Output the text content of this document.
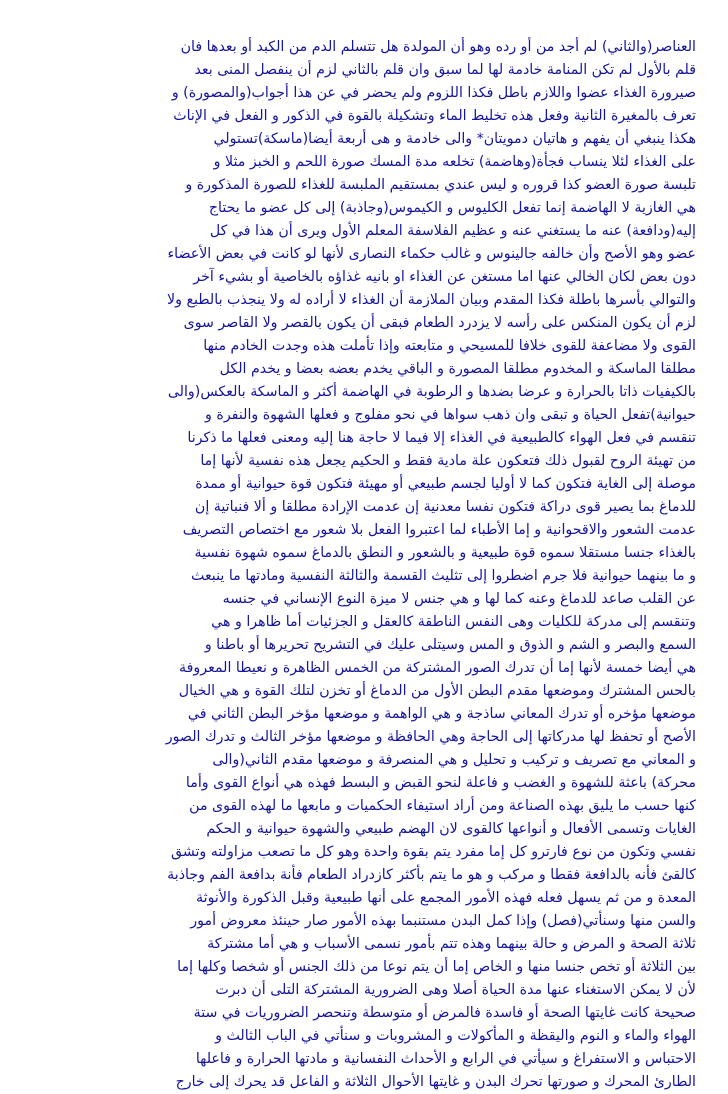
العناصر(والثاني) لم أجد من أو رده وهو أن المولدة هل تتسلم الدم من الكبد أو بعدها فان
قلم بالأول لم تكن المنامة خادمة لها لما سبق وان قلم بالثاني لزم أن ينفصل المنى بعد
صيرورة الغذاء عضوا واللازم باطل فكذا اللزوم ولم يحضر في عن هذا أجواب(والمصورة) و
تعرف بالمغيرة الثانية وفعل هذه تخليط الماء وتشكيلة بالقوة في الذكور و الفعل في الإناث
هكذا ينبغي أن يفهم و هاتيان دمويتان* والى خادمة و هى أربعة أيضا(ماسكة)تستولي
على الغذاء لئلا ينساب فجأة(وهاضمة) تخلعه مدة المسك صورة اللحم و الخبز مثلا و
تلبسة صورة العضو كذا قروره و ليس عندي بمستقيم الملبسة للغذاء للصورة المذكورة و
هي الغازية لا الهاضمة إنما تفعل الكليوس و الكيموس(وجاذبة) إلى كل عضو ما يحتاج
إليه(ودافعة) عنه ما يستغني عنه و عظيم الفلاسفة المعلم الأول ويرى أن هذا في كل
عضو وهو الأصح وأن خالفه جالينوس و غالب حكماء النصارى لأنها لو كانت في بعض الأعضاء
دون بعض لكان الخالي عنها اما مستغن عن الغذاء او بانيه غذاؤه بالخاصية أو بشيء آخر
والتوالي بأسرها باطلة فكذا المقدم وبيان الملازمة أن الغذاء لا أراده له ولا ينجذب بالطبع ولا
لزم أن يكون المنكس على رأسه لا يزدرد الطعام فبقى أن يكون بالقصر ولا القاصر سوى
القوى ولا مضاعفة للقوى خلافا للمسيحي و متابعته وإذا تأملت هذه وجدت الخادم منها
مطلقا الماسكة و المخدوم مطلقا المصورة و الباقي يخدم بعضه بعضا و يخدم الكل
بالكيفيات ذاتا بالحرارة و عرضا بضدها و الرطوبة في الهاضمة أكثر و الماسكة بالعكس(والى
حيوانية)تفعل الحياة و تبقى وان ذهب سواها في نحو مفلوج و فعلها الشهوة والنفرة و
تنقسم في فعل الهواء كالطبيعية في الغذاء إلا فيما لا حاجة هنا إليه ومعنى فعلها ما ذكرنا
من تهيئة الروح لقبول ذلك فتعكون علة مادية فقط و الحكيم يجعل هذه نفسية لأنها إما
موصلة إلى الغاية فتكون كما لا أوليا لجسم طبيعي أو مهيئة فتكون قوة حيوانية أو ممدة
للدماغ بما يصير قوى دراكة فتكون نفسا معدنية إن عدمت الإرادة مطلقا و ألا فنباتية إن
عدمت الشعور والاقحوانية و إما الأطباء لما اعتبروا الفعل بلا شعور مع اختصاص التصريف
بالغذاء جنسا مستقلا سموه قوة طبيعية و بالشعور و النطق بالدماغ سموه شهوة نفسية
و ما بينهما حيوانية فلا جرم اضطروا إلى تثليث القسمة والثالثة النفسية ومادتها ما ينبعث
عن القلب صاعد للدماغ وعنه كما لها و هي جنس لا ميزة النوع الإنساني في جنسه
وتنقسم إلى مدركة للكليات وهى النفس الناطقة كالعقل و الجزئيات أما ظاهرا و هي
السمع والبصر و الشم و الذوق و المس وسيتلى عليك في التشريح تحريرها أو باطنا و
هي أيضا خمسة لأنها إما أن تدرك الصور المشتركة من الخمس الظاهرة و نعيطا المعروفة
بالحس المشترك وموضعها مقدم البطن الأول من الدماغ أو تخزن لتلك القوة و هي الخيال
موضعها مؤخره أو تدرك المعاني ساذجة و هي الواهمة و موضعها مؤخر البطن الثاني في
الأصح أو تحفظ لها مدركاتها إلى الحاجة وهي الحافظة و موضعها مؤخر الثالث و تدرك الصور
و المعاني مع تصريف و تركيب و تحليل و هي المنصرفة و موضعها مقدم الثاني(والى
محركة) باعثة للشهوة و الغضب و فاعلة لنحو القبض و البسط فهذه هي أنواع القوى وأما
كنها حسب ما يليق بهذه الصناعة ومن أراد استيفاء الحكميات و مابعها ما لهذه القوى من
الغايات وتسمى الأفعال و أنواعها كالقوى لان الهضم طبيعي والشهوة حيوانية و الحكم
نفسي وتكون من نوع فارترو كل إما مفرد يتم بقوة واحدة وهو كل ما تصعب مزاولته وتشق
كالقئ فأنه بالدافعة فقطا و مركب و هو ما يتم بأكثر كازدراد الطعام فأنة بدافعة الفم وجاذبة
المعدة و من ثم يسهل فعله فهذه الأمور المجمع على أنها طبيعية وقبل الذكورة والأنوثة
والسن منها وسنأتي(فصل) وإذا كمل البدن مستنبما بهذه الأمور صار حينئذ معروض أمور
ثلاثة الصحة و المرض و حالة بينهما وهذه تتم بأمور نسمى الأسباب و هي أما مشتركة
بين الثلاثة أو تخص جنسا منها و الخاص إما أن يتم نوعا من ذلك الجنس أو شخصا وكلها إما
لأن لا يمكن الاستغناء عنها مدة الحياة أصلا وهى الضرورية المشتركة التلى أن دبرت
صحيحة كانت غايتها الصحة أو فاسدة فالمرض أو متوسطة وتنحصر الضروريات في ستة
الهواء والماء و النوم واليقظة و المأكولات و المشروبات و سنأتي في الباب الثالث و
الاحتباس و الاستفراغ و سيأتي في الرابع و الأحداث النفسانية و مادتها الحرارة و فاعلها
الطارئ المحرك و صورتها تحرك البدن و غايتها الأحوال الثلاثة و الفاعل قد يحرك إلى خارج
